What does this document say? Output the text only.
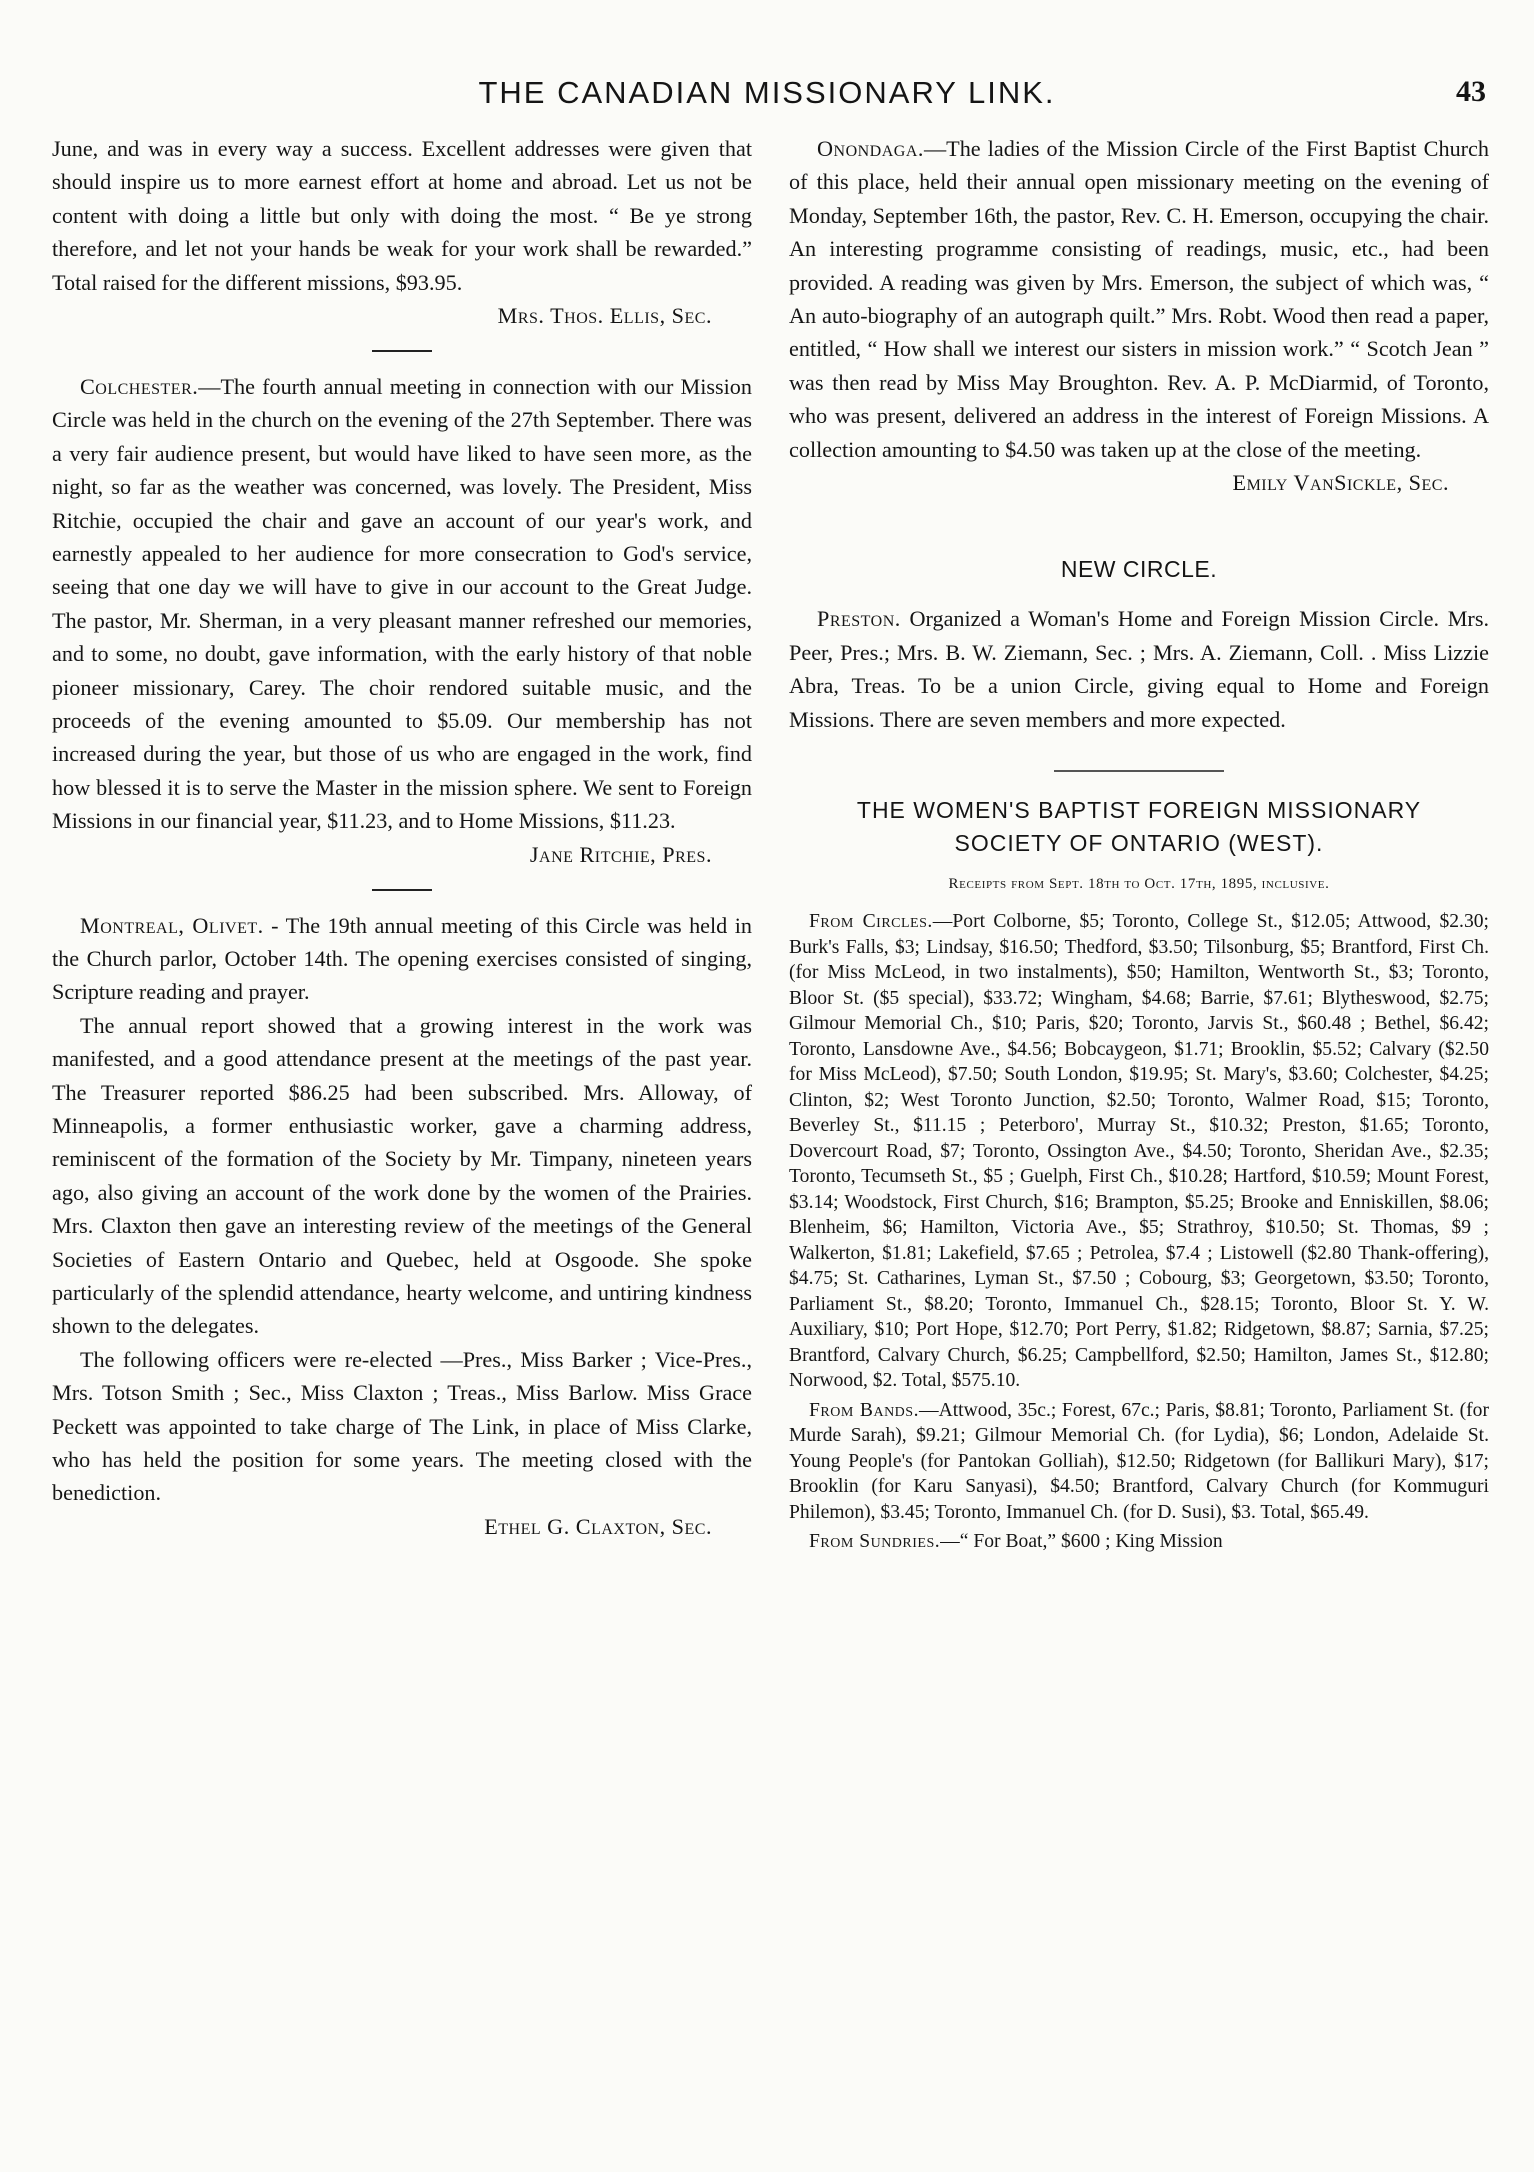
THE CANADIAN MISSIONARY LINK.	43

June, and was in every way a success. Excellent addresses were given that should inspire us to more earnest effort at home and abroad. Let us not be content with doing a little but only with doing the most. “ Be ye strong therefore, and let not your hands be weak for your work shall be rewarded.” Total raised for the different missions, $93.95.

Mrs. Thos. Ellis, Sec.

Colchester.—The fourth annual meeting in connection with our Mission Circle was held in the church on the evening of the 27th September. There was a very fair audience present, but would have liked to have seen more, as the night, so far as the weather was concerned, was lovely. The President, Miss Ritchie, occupied the chair and gave an account of our year's work, and earnestly appealed to her audience for more consecration to God's service, seeing that one day we will have to give in our account to the Great Judge. The pastor, Mr. Sherman, in a very pleasant manner refreshed our memories, and to some, no doubt, gave information, with the early history of that noble pioneer missionary, Carey. The choir rendored suitable music, and the proceeds of the evening amounted to $5.09. Our membership has not increased during the year, but those of us who are engaged in the work, find how blessed it is to serve the Master in the mission sphere. We sent to Foreign Missions in our financial year, $11.23, and to Home Missions, $11.23.

Jane Ritchie, Pres.

Montreal, Olivet. - The 19th annual meeting of this Circle was held in the Church parlor, October 14th. The opening exercises consisted of singing, Scripture reading and prayer.

The annual report showed that a growing interest in the work was manifested, and a good attendance present at the meetings of the past year. The Treasurer reported $86.25 had been subscribed. Mrs. Alloway, of Minneapolis, a former enthusiastic worker, gave a charming address, reminiscent of the formation of the Society by Mr. Timpany, nineteen years ago, also giving an account of the work done by the women of the Prairies. Mrs. Claxton then gave an interesting review of the meetings of the General Societies of Eastern Ontario and Quebec, held at Osgoode. She spoke particularly of the splendid attendance, hearty welcome, and untiring kindness shown to the delegates.

The following officers were re-elected —Pres., Miss Barker ; Vice-Pres., Mrs. Totson Smith ; Sec., Miss Claxton ; Treas., Miss Barlow. Miss Grace Peckett was appointed to take charge of The Link, in place of Miss Clarke, who has held the position for some years. The meeting closed with the benediction.

Ethel G. Claxton, Sec.

Onondaga.—The ladies of the Mission Circle of the First Baptist Church of this place, held their annual open missionary meeting on the evening of Monday, September 16th, the pastor, Rev. C. H. Emerson, occupying the chair. An interesting programme consisting of readings, music, etc., had been provided. A reading was given by Mrs. Emerson, the subject of which was, “ An auto-biography of an autograph quilt.” Mrs. Robt. Wood then read a paper, entitled, “ How shall we interest our sisters in mission work.” “ Scotch Jean ” was then read by Miss May Broughton. Rev. A. P. McDiarmid, of Toronto, who was present, delivered an address in the interest of Foreign Missions. A collection amounting to $4.50 was taken up at the close of the meeting.

Emily VanSickle, Sec.

NEW CIRCLE.

Preston. Organized a Woman's Home and Foreign Mission Circle. Mrs. Peer, Pres.; Mrs. B. W. Ziemann, Sec. ; Mrs. A. Ziemann, Coll. . Miss Lizzie Abra, Treas. To be a union Circle, giving equal to Home and Foreign Missions. There are seven members and more expected.

THE WOMEN'S BAPTIST FOREIGN MISSIONARY
SOCIETY OF ONTARIO (WEST).
Receipts from Sept. 18th to Oct. 17th, 1895, inclusive.

From Circles.—Port Colborne, $5; Toronto, College St., $12.05; Attwood, $2.30; Burk's Falls, $3; Lindsay, $16.50; Thedford, $3.50; Tilsonburg, $5; Brantford, First Ch. (for Miss McLeod, in two instalments), $50; Hamilton, Wentworth St., $3; Toronto, Bloor St. ($5 special), $33.72; Wingham, $4.68; Barrie, $7.61; Blytheswood, $2.75; Gilmour Memorial Ch., $10; Paris, $20; Toronto, Jarvis St., $60.48 ; Bethel, $6.42; Toronto, Lansdowne Ave., $4.56; Bobcaygeon, $1.71; Brooklin, $5.52; Calvary ($2.50 for Miss McLeod), $7.50; South London, $19.95; St. Mary's, $3.60; Colchester, $4.25; Clinton, $2; West Toronto Junction, $2.50; Toronto, Walmer Road, $15; Toronto, Beverley St., $11.15 ; Peterboro', Murray St., $10.32; Preston, $1.65; Toronto, Dovercourt Road, $7; Toronto, Ossington Ave., $4.50; Toronto, Sheridan Ave., $2.35; Toronto, Tecumseth St., $5 ; Guelph, First Ch., $10.28; Hartford, $10.59; Mount Forest, $3.14; Woodstock, First Church, $16; Brampton, $5.25; Brooke and Enniskillen, $8.06; Blenheim, $6; Hamilton, Victoria Ave., $5; Strathroy, $10.50; St. Thomas, $9 ; Walkerton, $1.81; Lakefield, $7.65 ; Petrolea, $7.4 ; Listowell ($2.80 Thank-offering), $4.75; St. Catharines, Lyman St., $7.50 ; Cobourg, $3; Georgetown, $3.50; Toronto, Parliament St., $8.20; Toronto, Immanuel Ch., $28.15; Toronto, Bloor St. Y. W. Auxiliary, $10; Port Hope, $12.70; Port Perry, $1.82; Ridgetown, $8.87; Sarnia, $7.25; Brantford, Calvary Church, $6.25; Campbellford, $2.50; Hamilton, James St., $12.80; Norwood, $2. Total, $575.10.

From Bands.—Attwood, 35c.; Forest, 67c.; Paris, $8.81; Toronto, Parliament St. (for Murde Sarah), $9.21; Gilmour Memorial Ch. (for Lydia), $6; London, Adelaide St. Young People's (for Pantokan Golliah), $12.50; Ridgetown (for Ballikuri Mary), $17; Brooklin (for Karu Sanyasi), $4.50; Brantford, Calvary Church (for Kommuguri Philemon), $3.45; Toronto, Immanuel Ch. (for D. Susi), $3. Total, $65.49.

From Sundries.—“ For Boat,” $600 ; King Mission
